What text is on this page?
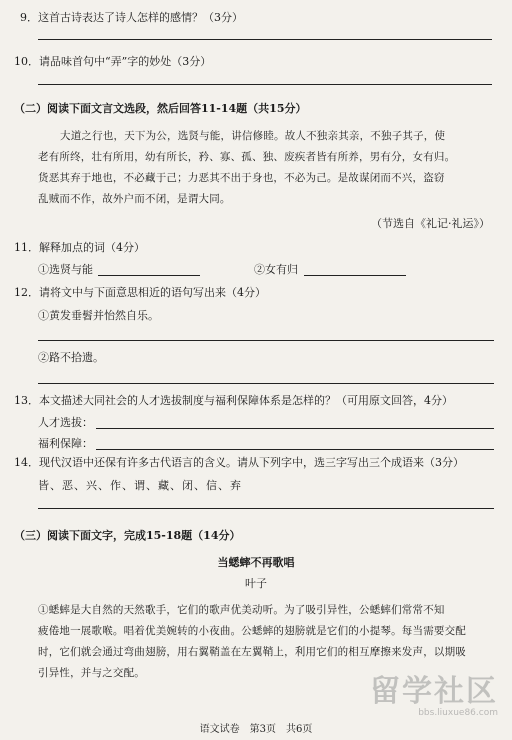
9．这首古诗表达了诗人怎样的感情？（3分）
10．请品味首句中“弄”字的妙处（3分）
（二）阅读下面文言文选段，然后回答11-14题（共15分）
大道之行也，天下为公，选贤与能，讲信修睦。故人不独亲其亲，不独子其子，使
老有所终，壮有所用，幼有所长，矜、寡、孤、独、废疾者皆有所养，男有分，女有归。
货恶其弃于地也，不必藏于己；力恶其不出于身也，不必为己。是故谋闭而不兴，盗窃
乱贼而不作，故外户而不闭，是谓大同。
（节选自《礼记·礼运》）
11．解释加点的词（4分）
①选贤与能	②女有归
12．请将文中与下面意思相近的语句写出来（4分）
①黄发垂髫并怡然自乐。
②路不拾遗。
13．本文描述大同社会的人才选拔制度与福利保障体系是怎样的？（可用原文回答，4分）
人才选拔：
福利保障：
14．现代汉语中还保有许多古代语言的含义。请从下列字中，选三字写出三个成语来（3分）
皆、恶、兴、作、谓、藏、闭、信、弃
（三）阅读下面文字，完成15-18题（14分）
当蟋蟀不再歌唱
叶子
①蟋蟀是大自然的天然歌手，它们的歌声优美动听。为了吸引异性，公蟋蟀们常常不知
疲倦地一展歌喉。唱着优美婉转的小夜曲。公蟋蟀的翅膀就是它们的小提琴。每当需要交配
时，它们就会通过弯曲翅膀，用右翼鞘盖在左翼鞘上，利用它们的相互摩擦来发声，以期吸
引异性，并与之交配。
语文试卷　第3页　共6页
留学社区
bbs.liuxue86.com
